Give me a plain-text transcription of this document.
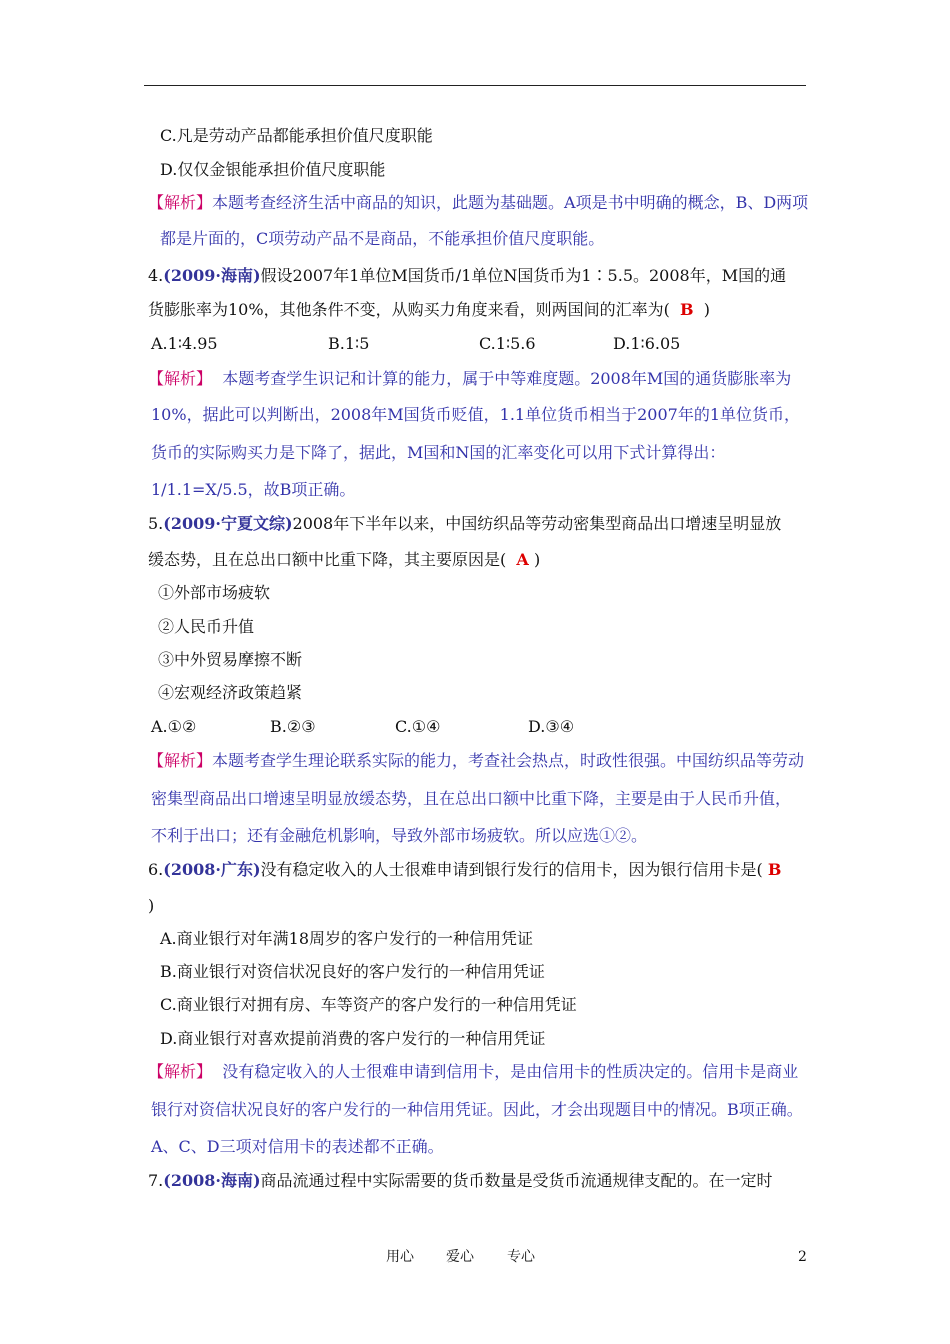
C.凡是劳动产品都能承担价值尺度职能
D.仅仅金银能承担价值尺度职能
【解析】本题考查经济生活中商品的知识，此题为基础题。A项是书中明确的概念，B、D两项
都是片面的，C项劳动产品不是商品，不能承担价值尺度职能。
4.(2009·海南)假设2007年1单位M国货币/1单位N国货币为1∶5.5。2008年，M国的通
货膨胀率为10%，其他条件不变，从购买力角度来看，则两国间的汇率为( B )
A.1∶4.95	B.1∶5	C.1∶5.6	D.1∶6.05
【解析】 本题考查学生识记和计算的能力，属于中等难度题。2008年M国的通货膨胀率为
10%，据此可以判断出，2008年M国货币贬值，1.1单位货币相当于2007年的1单位货币，
货币的实际购买力是下降了，据此，M国和N国的汇率变化可以用下式计算得出：
1/1.1=X/5.5，故B项正确。
5.(2009·宁夏文综)2008年下半年以来，中国纺织品等劳动密集型商品出口增速呈明显放
缓态势，且在总出口额中比重下降，其主要原因是( A )
①外部市场疲软
②人民币升值
③中外贸易摩擦不断
④宏观经济政策趋紧
A.①②	B.②③	C.①④	D.③④
【解析】本题考查学生理论联系实际的能力，考查社会热点，时政性很强。中国纺织品等劳动
密集型商品出口增速呈明显放缓态势，且在总出口额中比重下降，主要是由于人民币升值，
不利于出口；还有金融危机影响，导致外部市场疲软。所以应选①②。
6.(2008·广东)没有稳定收入的人士很难申请到银行发行的信用卡，因为银行信用卡是( B
)
A.商业银行对年满18周岁的客户发行的一种信用凭证
B.商业银行对资信状况良好的客户发行的一种信用凭证
C.商业银行对拥有房、车等资产的客户发行的一种信用凭证
D.商业银行对喜欢提前消费的客户发行的一种信用凭证
【解析】 没有稳定收入的人士很难申请到信用卡，是由信用卡的性质决定的。信用卡是商业
银行对资信状况良好的客户发行的一种信用凭证。因此，才会出现题目中的情况。B项正确。
A、C、D三项对信用卡的表述都不正确。
7.(2008·海南)商品流通过程中实际需要的货币数量是受货币流通规律支配的。在一定时
用心 爱心 专心	2
